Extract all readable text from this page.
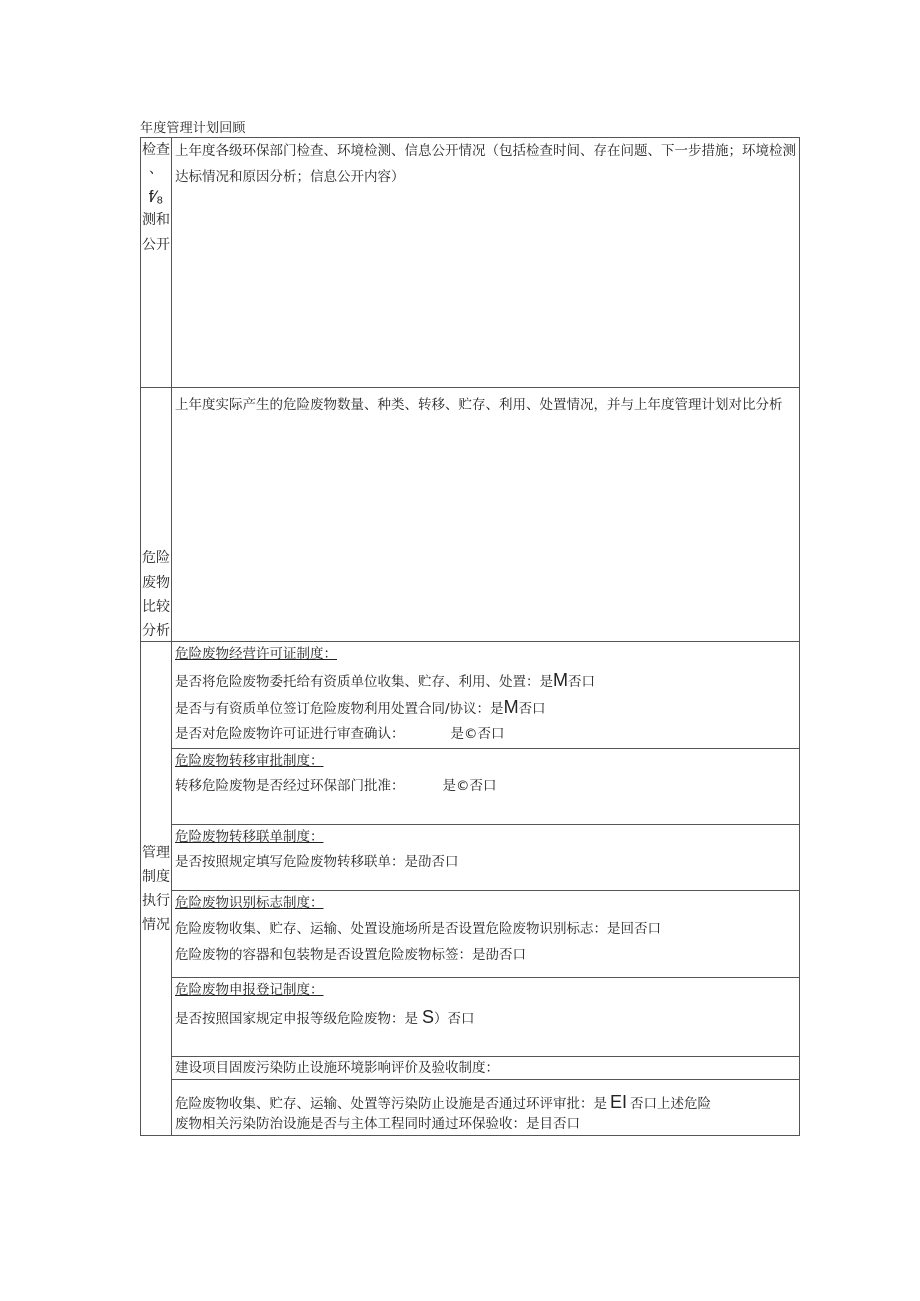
年度管理计划回顾
检查
、
f⁄₈
测和
公开
上年度各级环保部门检查、环境检测、信息公开情况（包括检查时间、存在问题、下一步措施；环境检测达标情况和原因分析；信息公开内容）
危险
废物
比较
分析
上年度实际产生的危险废物数量、种类、转移、贮存、利用、处置情况，并与上年度管理计划对比分析
管理
制度
执行
情况
危险废物经营许可证制度：
是否将危险废物委托给有资质单位收集、贮存、利用、处置：是M否口
是否与有资质单位签订危险废物利用处置合同/协议：是M否口
是否对危险废物许可证进行审查确认：	是©否口
危险废物转移审批制度：
转移危险废物是否经过环保部门批准：	是©否口
危险废物转移联单制度：
是否按照规定填写危险废物转移联单：是劭否口
危险废物识别标志制度：
危险废物收集、贮存、运输、处置设施场所是否设置危险废物识别标志：是回否口
危险废物的容器和包装物是否设置危险废物标签：是劭否口
危险废物申报登记制度：
是否按照国家规定申报等级危险废物：是 S）否口
建设项目固废污染防止设施环境影响评价及验收制度：
危险废物收集、贮存、运输、处置等污染防止设施是否通过环评审批：是 EI 否口上述危险
废物相关污染防治设施是否与主体工程同时通过环保验收：是目否口
